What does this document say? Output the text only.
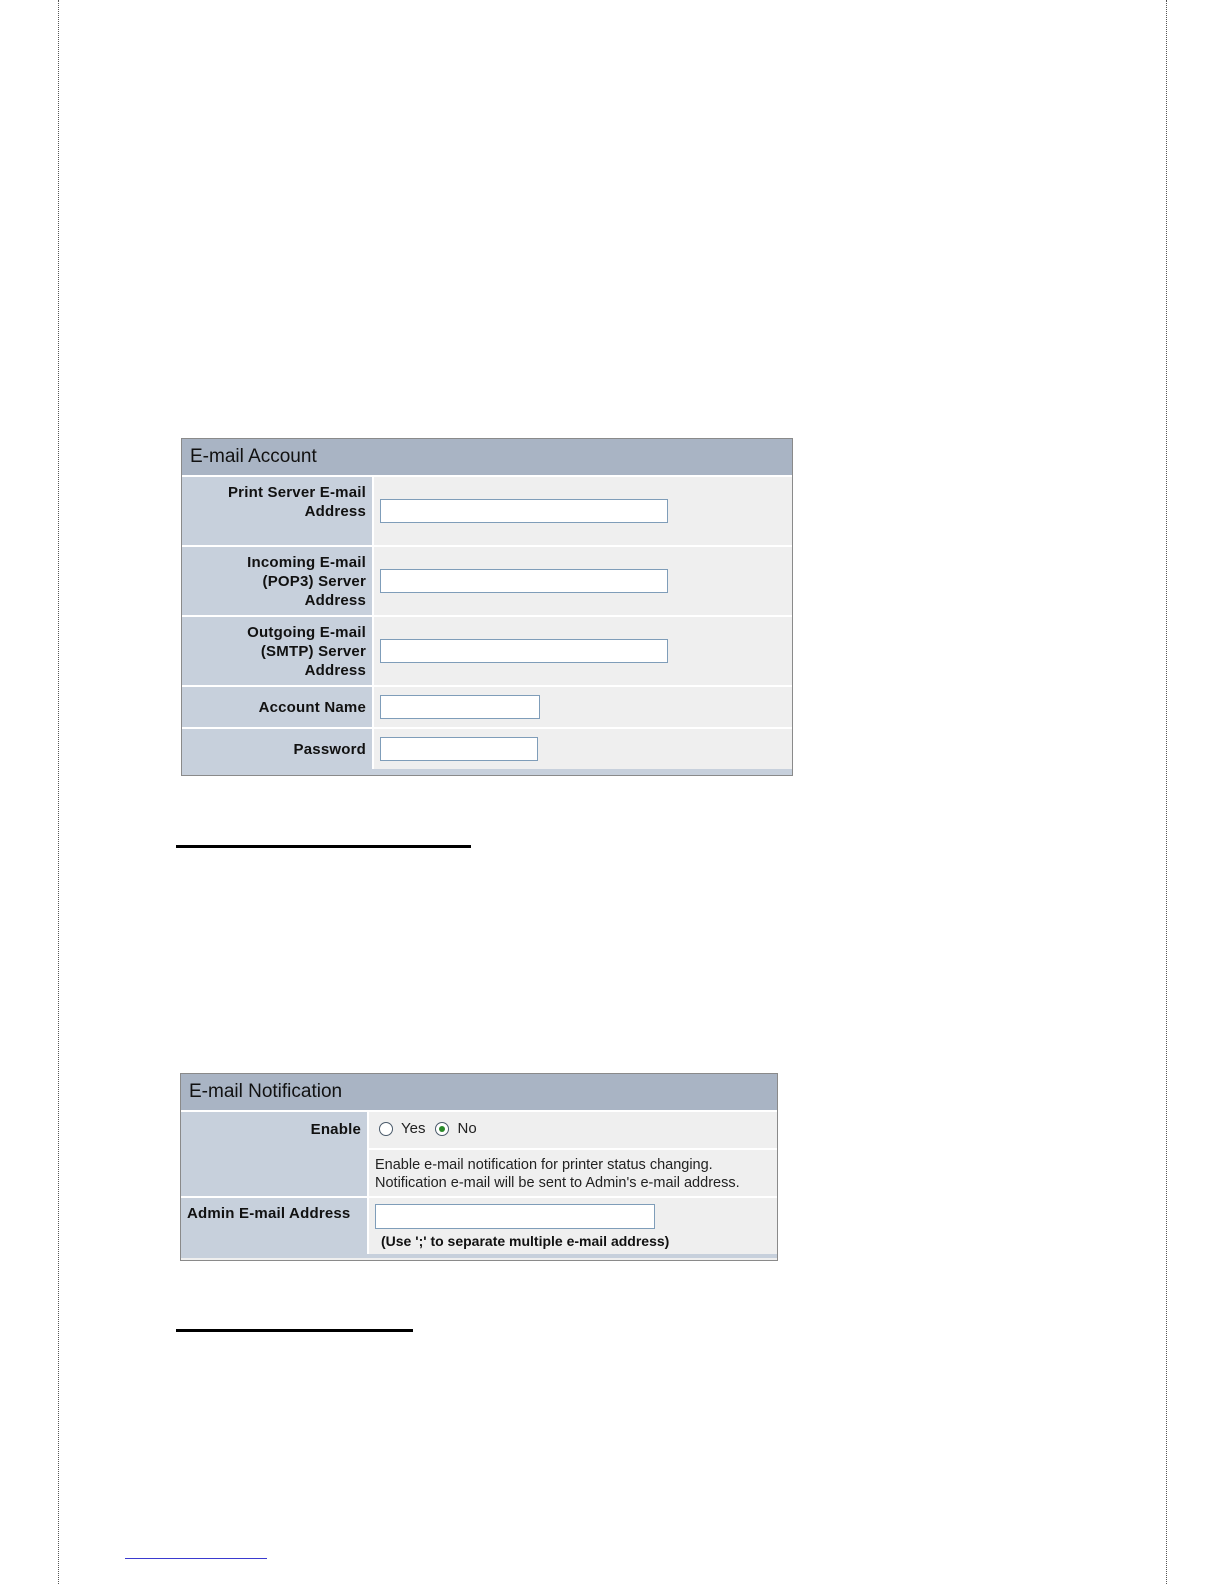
E-mail Account
Print Server E-mail
Address
Incoming E-mail
(POP3) Server
Address
Outgoing E-mail
(SMTP) Server
Address
Account Name
Password
E-mail Notification
Enable	Yes No
Enable e-mail notification for printer status changing.
Notification e-mail will be sent to Admin's e-mail address.
Admin E-mail Address
(Use ';' to separate multiple e-mail address)
